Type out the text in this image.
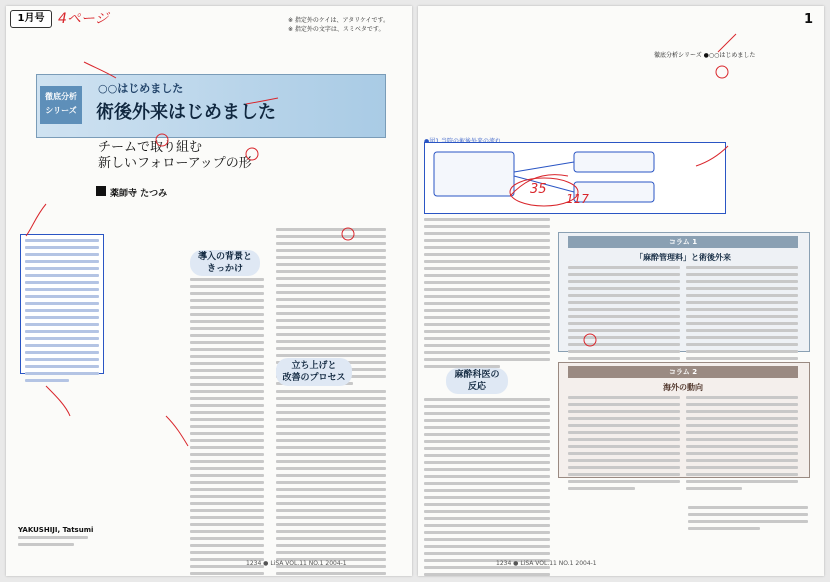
1月号 4ページ	※ 指定外のケイは、アタリケイです。
※ 指定外の文字は、スミベタです。
徹底分析
シリーズ
○○はじめました
術後外来はじめました
チームで取り組む
新しいフォローアップの形
薬師寺 たつみ
導入の背景と
きっかけ
立ち上げと
改善のプロセス
YAKUSHIJI, Tatsumi
1234 ● LiSA VOL.11 NO.1 2004-1
徹底分析シリーズ ●○○はじめました
1
35
117
麻酔科医の
反応
コラム 1
「麻酔管理料」と術後外来
コラム 2
海外の動向
1234 ● LiSA VOL.11 NO.1 2004-1
